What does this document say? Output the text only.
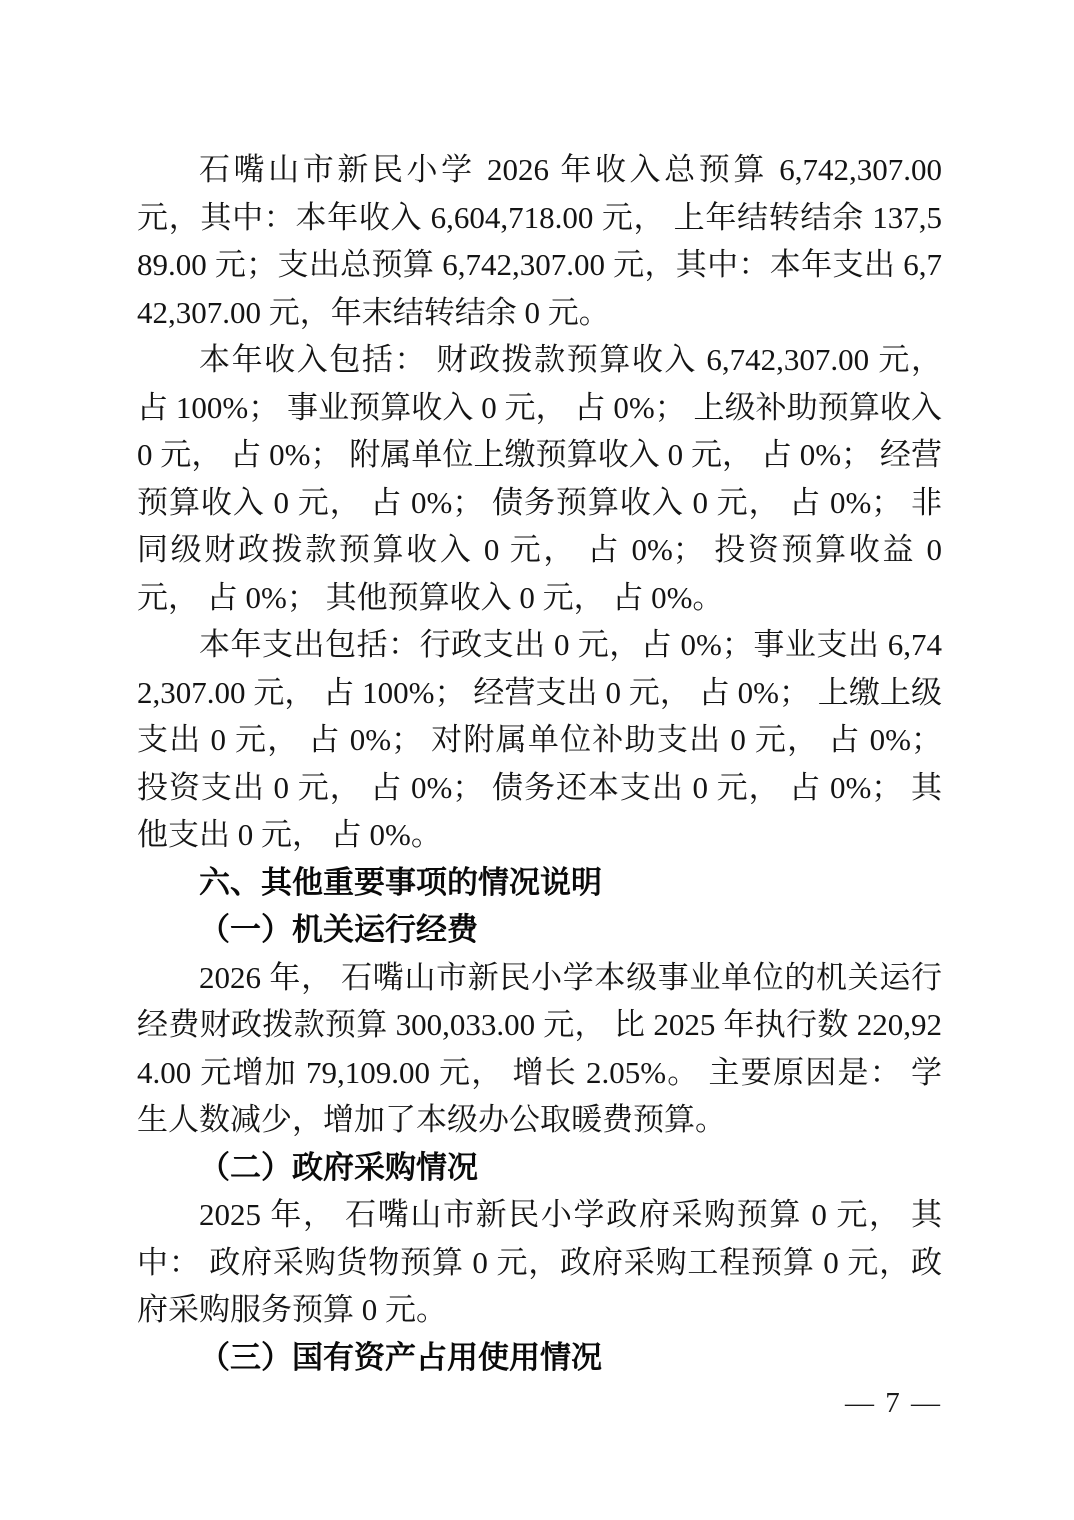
石嘴山市新民小学 2026 年收入总预算 6,742,307.00 元，其中：本年收入 6,604,718.00 元， 上年结转结余 137,589.00 元；支出总预算 6,742,307.00 元，其中：本年支出 6,742,307.00 元，年末结转结余 0 元。

本年收入包括： 财政拨款预算收入 6,742,307.00 元， 占 100%； 事业预算收入 0 元， 占 0%； 上级补助预算收入 0 元， 占 0%； 附属单位上缴预算收入 0 元， 占 0%； 经营预算收入 0 元， 占 0%； 债务预算收入 0 元， 占 0%； 非同级财政拨款预算收入 0 元， 占 0%； 投资预算收益 0 元， 占 0%； 其他预算收入 0 元， 占 0%。

本年支出包括：行政支出 0 元，占 0%；事业支出 6,742,307.00 元， 占 100%； 经营支出 0 元， 占 0%； 上缴上级支出 0 元， 占 0%； 对附属单位补助支出 0 元， 占 0%； 投资支出 0 元， 占 0%； 债务还本支出 0 元， 占 0%； 其他支出 0 元， 占 0%。

六、其他重要事项的情况说明
（一）机关运行经费

2026 年， 石嘴山市新民小学本级事业单位的机关运行经费财政拨款预算 300,033.00 元， 比 2025 年执行数 220,924.00 元增加 79,109.00 元， 增长 2.05%。 主要原因是： 学生人数减少，增加了本级办公取暖费预算。

（二）政府采购情况

2025 年， 石嘴山市新民小学政府采购预算 0 元， 其中： 政府采购货物预算 0 元，政府采购工程预算 0 元，政府采购服务预算 0 元。

（三）国有资产占用使用情况
— 7 —
